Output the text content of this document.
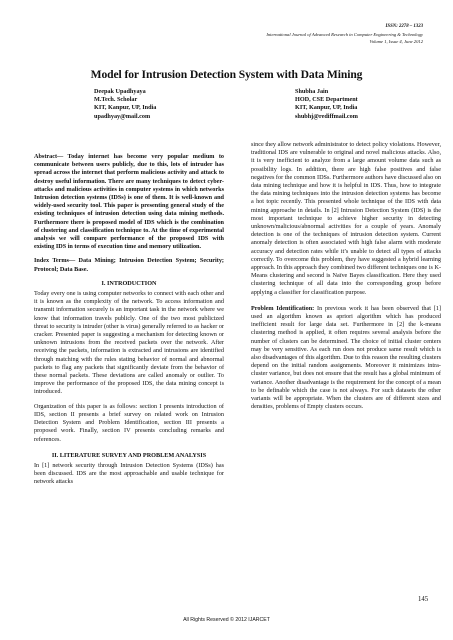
ISSN: 2278 – 1323
International Journal of Advanced Research in Computer Engineering & Technology
Volume 1, Issue 4, June 2012
Model for Intrusion Detection System with Data Mining
Deepak Upadhyaya
M.Tech. Scholar
KIT, Kanpur, UP, India
upadhyay@mail.com
Shubha Jain
HOD, CSE Department
KIT, Kanpur, UP, India
shubhj@rediffmail.com

Abstract— Today internet has become very popular medium to communicate between users publicly, due to this, lots of intruder has spread across the internet that perform malicious activity and attack to destroy useful information. There are many techniques to detect cyber-attacks and malicious activities in computer systems in which networks Intrusion detection systems (IDSs) is one of them. It is well-known and widely-used security tool. This paper is presenting general study of the existing techniques of intrusion detection using data mining methods. Furthermore there is proposed model of IDS which is the combination of clustering and classification technique to. At the time of experimental analysis we will compare performance of the proposed IDS with existing IDS in terms of execution time and memory utilization.

Index Terms— Data Mining; Intrusion Detection System; Security; Protocol; Data Base.

I. INTRODUCTION

Today every one is using computer networks to connect with each other and it is known as the complexity of the network. To access information and transmit information securely is an important task in the network where we know that information travels publicly. One of the two most publicized threat to security is intruder (other is virus) generally referred to as hacker or cracker. Presented paper is suggesting a mechanism for detecting known or unknown intrusions from the received packets over the network. After receiving the packets, information is extracted and intrusions are identified through matching with the rules stating behavior of normal and abnormal packets to flag any packets that significantly deviate from the behavior of these normal packets. These deviations are called anomaly or outlier. To improve the performance of the proposed IDS, the data mining concept is introduced.

Organization of this paper is as follows: section I presents introduction of IDS, section II presents a brief survey on related work on Intrusion Detection System and Problem Identification, section III presents a proposed work. Finally, section IV presents concluding remarks and references.

II. LITERATURE SURVEY AND PROBLEM ANALYSIS

In [1] network security through Intrusion Detection Systems (IDSs) has been discussed. IDS are the most approachable and usable technique for network attacks

since they allow network administrator to detect policy violations. However, traditional IDS are vulnerable to original and novel malicious attacks. Also, it is very inefficient to analyze from a large amount volume data such as possibility logs. In addition, there are high false positives and false negatives for the common IDSs. Furthermore authors have discussed also on data mining technique and how it is helpful in IDS. Thus, how to integrate the data mining techniques into the intrusion detection systems has become a hot topic recently. This presented whole technique of the IDS with data mining approache in details. In [2] Intrusion Detection System (IDS) is the most important technique to achieve higher security in detecting unknown/malicious/abnormal activities for a couple of years. Anomaly detection is one of the techniques of intrusion detection system. Current anomaly detection is often associated with high false alarm with moderate accuracy and detection rates while it’s unable to detect all types of attacks correctly. To overcome this problem, they have suggested a hybrid learning approach. In this approach they combined two different techniques one is K-Means clustering and second is Naïve Bayes classification. Here they used clustering technique of all data into the corresponding group before applying a classifier for classification purpose.

Problem Identification: In previous work it has been observed that [1] used an algorithm known as apriori algorithm which has produced inefficient result for large data set. Furthermore in [2] the k-means clustering method is applied, it often requires several analysis before the number of clusters can be determined. The choice of initial cluster centers may be very sensitive. As each run does not produce same result which is also disadvantages of this algorithm. Due to this reason the resulting clusters depend on the initial random assignments. Moreover it minimizes intra-cluster variance, but does not ensure that the result has a global minimum of variance. Another disadvantage is the requirement for the concept of a mean to be definable which the case is not always. For such datasets the other variants will be appropriate. When the clusters are of different sizes and densities, problems of Empty clusters occurs.

145
All Rights Reserved © 2012 IJARCET
